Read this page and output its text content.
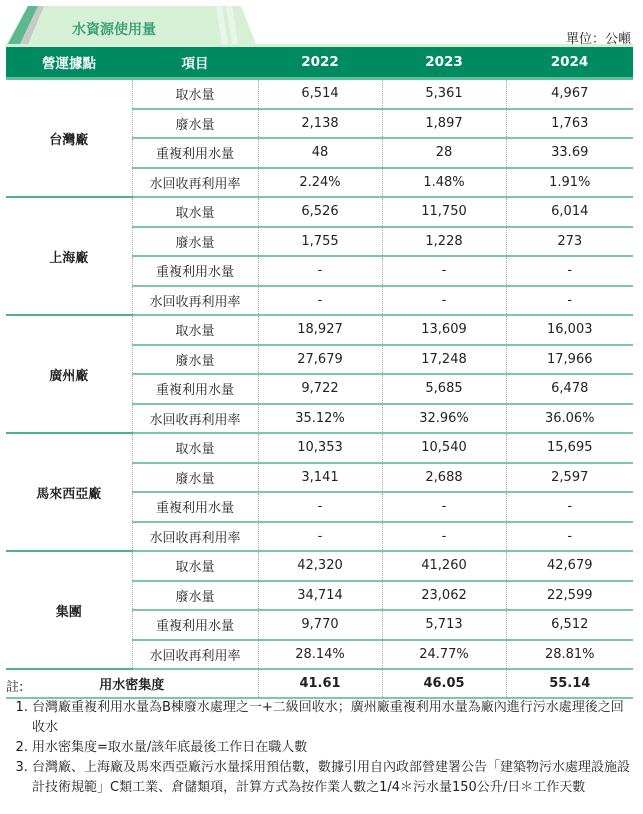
水資源使用量
單位：公噸
營運據點	項目	2022	2023	2024
台灣廠	取水量	6,514	5,361	4,967
	廢水量	2,138	1,897	1,763
	重複利用水量	48	28	33.69
	水回收再利用率	2.24%	1.48%	1.91%
上海廠	取水量	6,526	11,750	6,014
	廢水量	1,755	1,228	273
	重複利用水量	-	-	-
	水回收再利用率	-	-	-
廣州廠	取水量	18,927	13,609	16,003
	廢水量	27,679	17,248	17,966
	重複利用水量	9,722	5,685	6,478
	水回收再利用率	35.12%	32.96%	36.06%
馬來西亞廠	取水量	10,353	10,540	15,695
	廢水量	3,141	2,688	2,597
	重複利用水量	-	-	-
	水回收再利用率	-	-	-
集團	取水量	42,320	41,260	42,679
	廢水量	34,714	23,062	22,599
	重複利用水量	9,770	5,713	6,512
	水回收再利用率	28.14%	24.77%	28.81%
用水密集度		41.61	46.05	55.14
註:
1. 台灣廠重複利用水量為B棟廢水處理之一+二級回收水；廣州廠重複利用水量為廠內進行污水處理後之回收水
2. 用水密集度=取水量/該年底最後工作日在職人數
3. 台灣廠、上海廠及馬來西亞廠污水量採用預估數，數據引用自內政部營建署公告「建築物污水處理設施設計技術規範」C類工業、倉儲類項，計算方式為按作業人數之1/4＊污水量150公升/日＊工作天數
